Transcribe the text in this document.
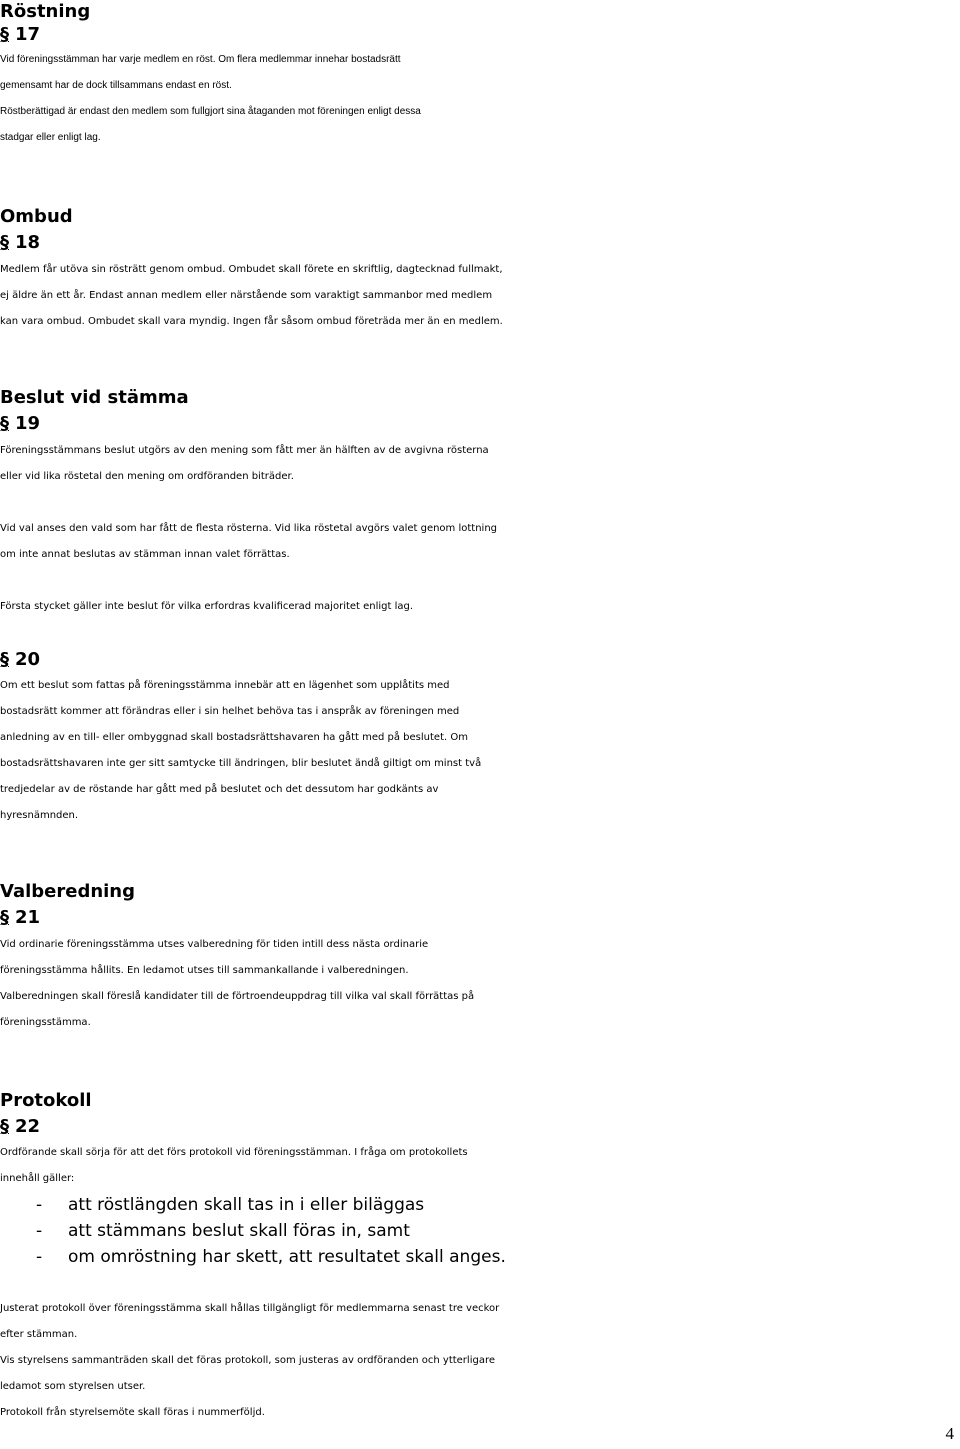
Röstning
§ 17
Vid föreningsstämman har varje medlem en röst. Om flera medlemmar innehar bostadsrätt
gemensamt har de dock tillsammans endast en röst.
Röstberättigad är endast den medlem som fullgjort sina åtaganden mot föreningen enligt dessa
stadgar eller enligt lag.
Ombud
§ 18
Medlem får utöva sin rösträtt genom ombud. Ombudet skall förete en skriftlig, dagtecknad fullmakt,
ej äldre än ett år. Endast annan medlem eller närstående som varaktigt sammanbor med medlem
kan vara ombud. Ombudet skall vara myndig. Ingen får såsom ombud företräda mer än en medlem.
Beslut vid stämma
§ 19
Föreningsstämmans beslut utgörs av den mening som fått mer än hälften av de avgivna rösterna
eller vid lika röstetal den mening om ordföranden biträder.
Vid val anses den vald som har fått de flesta rösterna. Vid lika röstetal avgörs valet genom lottning
om inte annat beslutas av stämman innan valet förrättas.
Första stycket gäller inte beslut för vilka erfordras kvalificerad majoritet enligt lag.
§ 20
Om ett beslut som fattas på föreningsstämma innebär att en lägenhet som upplåtits med
bostadsrätt kommer att förändras eller i sin helhet behöva tas i anspråk av föreningen med
anledning av en till- eller ombyggnad skall bostadsrättshavaren ha gått med på beslutet. Om
bostadsrättshavaren inte ger sitt samtycke till ändringen, blir beslutet ändå giltigt om minst två
tredjedelar av de röstande har gått med på beslutet och det dessutom har godkänts av
hyresnämnden.
Valberedning
§ 21
Vid ordinarie föreningsstämma utses valberedning för tiden intill dess nästa ordinarie
föreningsstämma hållits. En ledamot utses till sammankallande i valberedningen.
Valberedningen skall föreslå kandidater till de förtroendeuppdrag till vilka val skall förrättas på
föreningsstämma.
Protokoll
§ 22
Ordförande skall sörja för att det förs protokoll vid föreningsstämman. I fråga om protokollets
innehåll gäller:
- att röstlängden skall tas in i eller biläggas
- att stämmans beslut skall föras in, samt
- om omröstning har skett, att resultatet skall anges.
Justerat protokoll över föreningsstämma skall hållas tillgängligt för medlemmarna senast tre veckor
efter stämman.
Vis styrelsens sammanträden skall det föras protokoll, som justeras av ordföranden och ytterligare
ledamot som styrelsen utser.
Protokoll från styrelsemöte skall föras i nummerföljd.
4
